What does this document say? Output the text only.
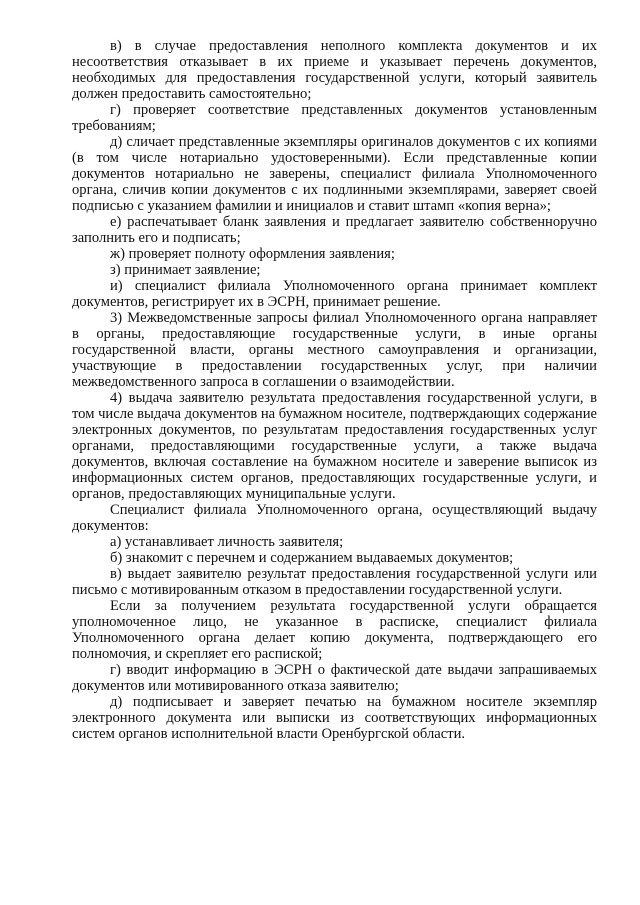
в) в случае предоставления неполного комплекта документов и их несоответствия отказывает в их приеме и указывает перечень документов, необходимых для предоставления государственной услуги, который заявитель должен предоставить самостоятельно;

г) проверяет соответствие представленных документов установленным требованиям;

д) сличает представленные экземпляры оригиналов документов с их копиями (в том числе нотариально удостоверенными). Если представленные копии документов нотариально не заверены, специалист филиала Уполномоченного органа, сличив копии документов с их подлинными экземплярами, заверяет своей подписью с указанием фамилии и инициалов и ставит штамп «копия верна»;

е) распечатывает бланк заявления и предлагает заявителю собственноручно заполнить его и подписать;

ж) проверяет полноту оформления заявления;

з) принимает заявление;

и) специалист филиала Уполномоченного органа принимает комплект документов, регистрирует их в ЭСРН, принимает решение.

3) Межведомственные запросы филиал Уполномоченного органа направляет в органы, предоставляющие государственные услуги, в иные органы государственной власти, органы местного самоуправления и организации, участвующие в предоставлении государственных услуг, при наличии межведомственного запроса в соглашении о взаимодействии.

4) выдача заявителю результата предоставления государственной услуги, в том числе выдача документов на бумажном носителе, подтверждающих содержание электронных документов, по результатам предоставления государственных услуг органами, предоставляющими государственные услуги, а также выдача документов, включая составление на бумажном носителе и заверение выписок из информационных систем органов, предоставляющих государственные услуги, и органов, предоставляющих муниципальные услуги.

Специалист филиала Уполномоченного органа, осуществляющий выдачу документов:

а) устанавливает личность заявителя;

б) знакомит с перечнем и содержанием выдаваемых документов;

в) выдает заявителю результат предоставления государственной услуги или письмо с мотивированным отказом в предоставлении государственной услуги.

Если за получением результата государственной услуги обращается уполномоченное лицо, не указанное в расписке, специалист филиала Уполномоченного органа делает копию документа, подтверждающего его полномочия, и скрепляет его распиской;

г) вводит информацию в ЭСРН о фактической дате выдачи запрашиваемых документов или мотивированного отказа заявителю;

д) подписывает и заверяет печатью на бумажном носителе экземпляр электронного документа или выписки из соответствующих информационных систем органов исполнительной власти Оренбургской области.
